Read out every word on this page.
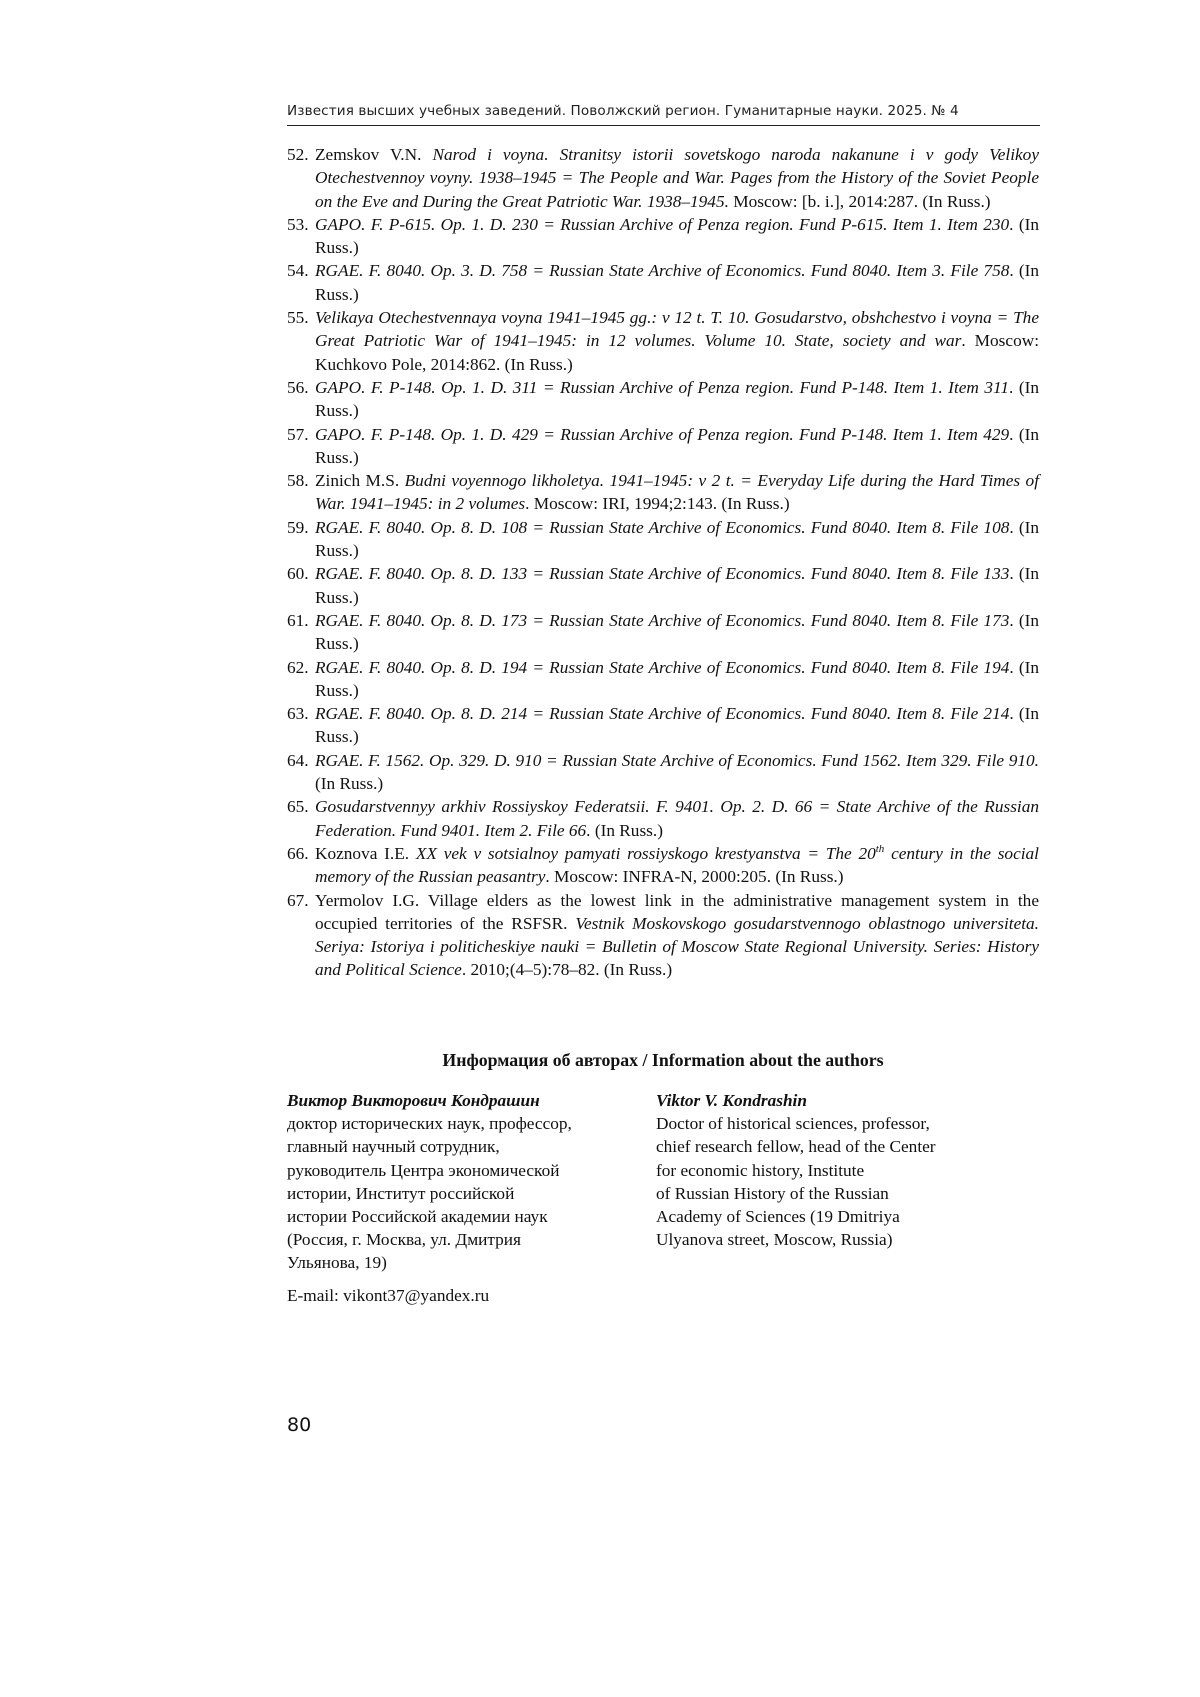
Известия высших учебных заведений. Поволжский регион. Гуманитарные науки. 2025. № 4
52. Zemskov V.N. Narod i voyna. Stranitsy istorii sovetskogo naroda nakanune i v gody Velikoy Otechestvennoy voyny. 1938–1945 = The People and War. Pages from the History of the Soviet People on the Eve and During the Great Patriotic War. 1938–1945. Moscow: [b. i.], 2014:287. (In Russ.)
53. GAPO. F. P-615. Op. 1. D. 230 = Russian Archive of Penza region. Fund P-615. Item 1. Item 230. (In Russ.)
54. RGAE. F. 8040. Op. 3. D. 758 = Russian State Archive of Economics. Fund 8040. Item 3. File 758. (In Russ.)
55. Velikaya Otechestvennaya voyna 1941–1945 gg.: v 12 t. T. 10. Gosudarstvo, obshchestvo i voyna = The Great Patriotic War of 1941–1945: in 12 volumes. Volume 10. State, society and war. Moscow: Kuchkovo Pole, 2014:862. (In Russ.)
56. GAPO. F. P-148. Op. 1. D. 311 = Russian Archive of Penza region. Fund P-148. Item 1. Item 311. (In Russ.)
57. GAPO. F. P-148. Op. 1. D. 429 = Russian Archive of Penza region. Fund P-148. Item 1. Item 429. (In Russ.)
58. Zinich M.S. Budni voyennogo likholetya. 1941–1945: v 2 t. = Everyday Life during the Hard Times of War. 1941–1945: in 2 volumes. Moscow: IRI, 1994;2:143. (In Russ.)
59. RGAE. F. 8040. Op. 8. D. 108 = Russian State Archive of Economics. Fund 8040. Item 8. File 108. (In Russ.)
60. RGAE. F. 8040. Op. 8. D. 133 = Russian State Archive of Economics. Fund 8040. Item 8. File 133. (In Russ.)
61. RGAE. F. 8040. Op. 8. D. 173 = Russian State Archive of Economics. Fund 8040. Item 8. File 173. (In Russ.)
62. RGAE. F. 8040. Op. 8. D. 194 = Russian State Archive of Economics. Fund 8040. Item 8. File 194. (In Russ.)
63. RGAE. F. 8040. Op. 8. D. 214 = Russian State Archive of Economics. Fund 8040. Item 8. File 214. (In Russ.)
64. RGAE. F. 1562. Op. 329. D. 910 = Russian State Archive of Economics. Fund 1562. Item 329. File 910. (In Russ.)
65. Gosudarstvennyy arkhiv Rossiyskoy Federatsii. F. 9401. Op. 2. D. 66 = State Archive of the Russian Federation. Fund 9401. Item 2. File 66. (In Russ.)
66. Koznova I.E. XX vek v sotsialnoy pamyati rossiyskogo krestyanstva = The 20th century in the social memory of the Russian peasantry. Moscow: INFRA-N, 2000:205. (In Russ.)
67. Yermolov I.G. Village elders as the lowest link in the administrative management system in the occupied territories of the RSFSR. Vestnik Moskovskogo gosudarstvennogo oblastnogo universiteta. Seriya: Istoriya i politicheskiye nauki = Bulletin of Moscow State Regional University. Series: History and Political Science. 2010;(4–5):78–82. (In Russ.)
Информация об авторах / Information about the authors
Виктор Викторович Кондрашин
доктор исторических наук, профессор,
главный научный сотрудник,
руководитель Центра экономической
истории, Институт российской
истории Российской академии наук
(Россия, г. Москва, ул. Дмитрия
Ульянова, 19)
Viktor V. Kondrashin
Doctor of historical sciences, professor,
chief research fellow, head of the Center
for economic history, Institute
of Russian History of the Russian
Academy of Sciences (19 Dmitriya
Ulyanova street, Moscow, Russia)
E-mail: vikont37@yandex.ru
80
